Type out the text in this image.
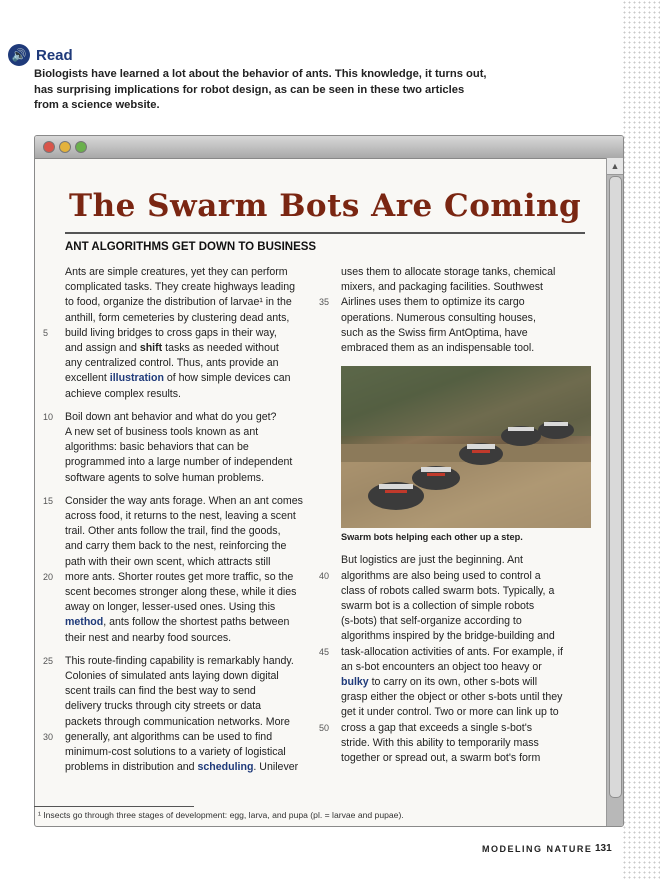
🔊 Read
Biologists have learned a lot about the behavior of ants. This knowledge, it turns out,
has surprising implications for robot design, as can be seen in these two articles
from a science website.
▲
The Swarm Bots Are Coming
ANT ALGORITHMS GET DOWN TO BUSINESS
Ants are simple creatures, yet they can perform
complicated tasks. They create highways leading
to food, organize the distribution of larvae¹ in the
anthill, form cemeteries by clustering dead ants,
5 build living bridges to cross gaps in their way,
and assign and shift tasks as needed without
any centralized control. Thus, ants provide an
excellent illustration of how simple devices can
achieve complex results.
10 Boil down ant behavior and what do you get?
A new set of business tools known as ant
algorithms: basic behaviors that can be
programmed into a large number of independent
software agents to solve human problems.
15 Consider the way ants forage. When an ant comes
across food, it returns to the nest, leaving a scent
trail. Other ants follow the trail, find the goods,
and carry them back to the nest, reinforcing the
path with their own scent, which attracts still
20 more ants. Shorter routes get more traffic, so the
scent becomes stronger along these, while it dies
away on longer, lesser-used ones. Using this
method, ants follow the shortest paths between
their nest and nearby food sources.
25 This route-finding capability is remarkably handy.
Colonies of simulated ants laying down digital
scent trails can find the best way to send
delivery trucks through city streets or data
packets through communication networks. More
30 generally, ant algorithms can be used to find
minimum-cost solutions to a variety of logistical
problems in distribution and scheduling. Unilever
uses them to allocate storage tanks, chemical
mixers, and packaging facilities. Southwest
35 Airlines uses them to optimize its cargo
operations. Numerous consulting houses,
such as the Swiss firm AntOptima, have
embraced them as an indispensable tool.
Swarm bots helping each other up a step.
But logistics are just the beginning. Ant
40 algorithms are also being used to control a
class of robots called swarm bots. Typically, a
swarm bot is a collection of simple robots
(s-bots) that self-organize according to
algorithms inspired by the bridge-building and
45 task-allocation activities of ants. For example, if
an s-bot encounters an object too heavy or
bulky to carry on its own, other s-bots will
grasp either the object or other s-bots until they
get it under control. Two or more can link up to
50 cross a gap that exceeds a single s-bot's
stride. With this ability to temporarily mass
together or spread out, a swarm bot's form
¹ Insects go through three stages of development: egg, larva, and pupa (pl. = larvae and pupae).
MODELING NATURE 131
